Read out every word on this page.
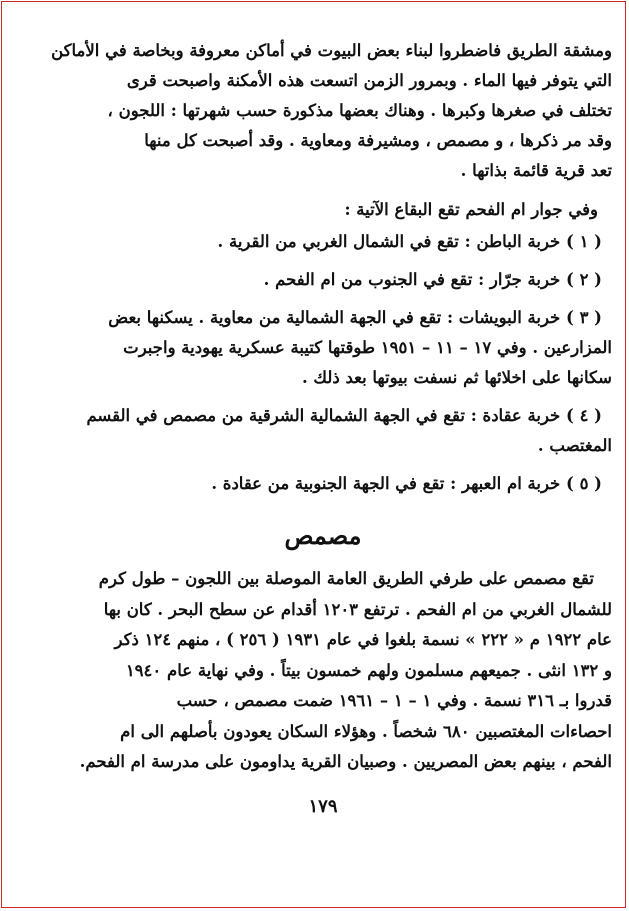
ومشقة الطريق فاضطروا لبناء بعض البيوت في أماكن معروفة وبخاصة في الأماكن

التي يتوفر فيها الماء . وبمرور الزمن اتسعت هذه الأمكنة واصبحت قرى

تختلف في صغرها وكبرها . وهناك بعضها مذكورة حسب شهرتها : اللجون ،

وقد مر ذكرها ، و مصمص ، ومشيرفة ومعاوية . وقد أصبحت كل منها

تعد قرية قائمة بذاتها .

وفي جوار ام الفحم تقع البقاع الآتية :

( ١ ) خربة الباطن : تقع في الشمال الغربي من القرية .

( ٢ ) خربة جرّار : تقع في الجنوب من ام الفحم .

( ٣ ) خربة البويشات : تقع في الجهة الشمالية من معاوية . يسكنها بعض

المزارعين . وفي ١٧ – ١١ – ١٩٥١ طوقتها كتيبة عسكرية يهودية واجبرت

سكانها على اخلائها ثم نسفت بيوتها بعد ذلك .

( ٤ ) خربة عقادة : تقع في الجهة الشمالية الشرقية من مصمص في القسم

المغتصب .

( ٥ ) خربة ام العبهر : تقع في الجهة الجنوبية من عقادة .

مصمص

تقع مصمص على طرفي الطريق العامة الموصلة بين اللجون – طول كرم

للشمال الغربي من ام الفحم . ترتفع ١٢٠٣ أقدام عن سطح البحر . كان بها

عام ١٩٢٢ م « ٢٢٢ » نسمة بلغوا في عام ١٩٣١ ( ٢٥٦ ) ، منهم ١٢٤ ذكر

و ١٣٢ انثى . جميعهم مسلمون ولهم خمسون بيتاً . وفي نهاية عام ١٩٤٠

قدروا بـ ٣١٦ نسمة . وفي ١ – ١ – ١٩٦١ ضمت مصمص ، حسب

احصاءات المغتصبين ٦٨٠ شخصاً . وهؤلاء السكان يعودون بأصلهم الى ام

الفحم ، بينهم بعض المصريين . وصبيان القرية يداومون على مدرسة ام الفحم.

١٧٩
